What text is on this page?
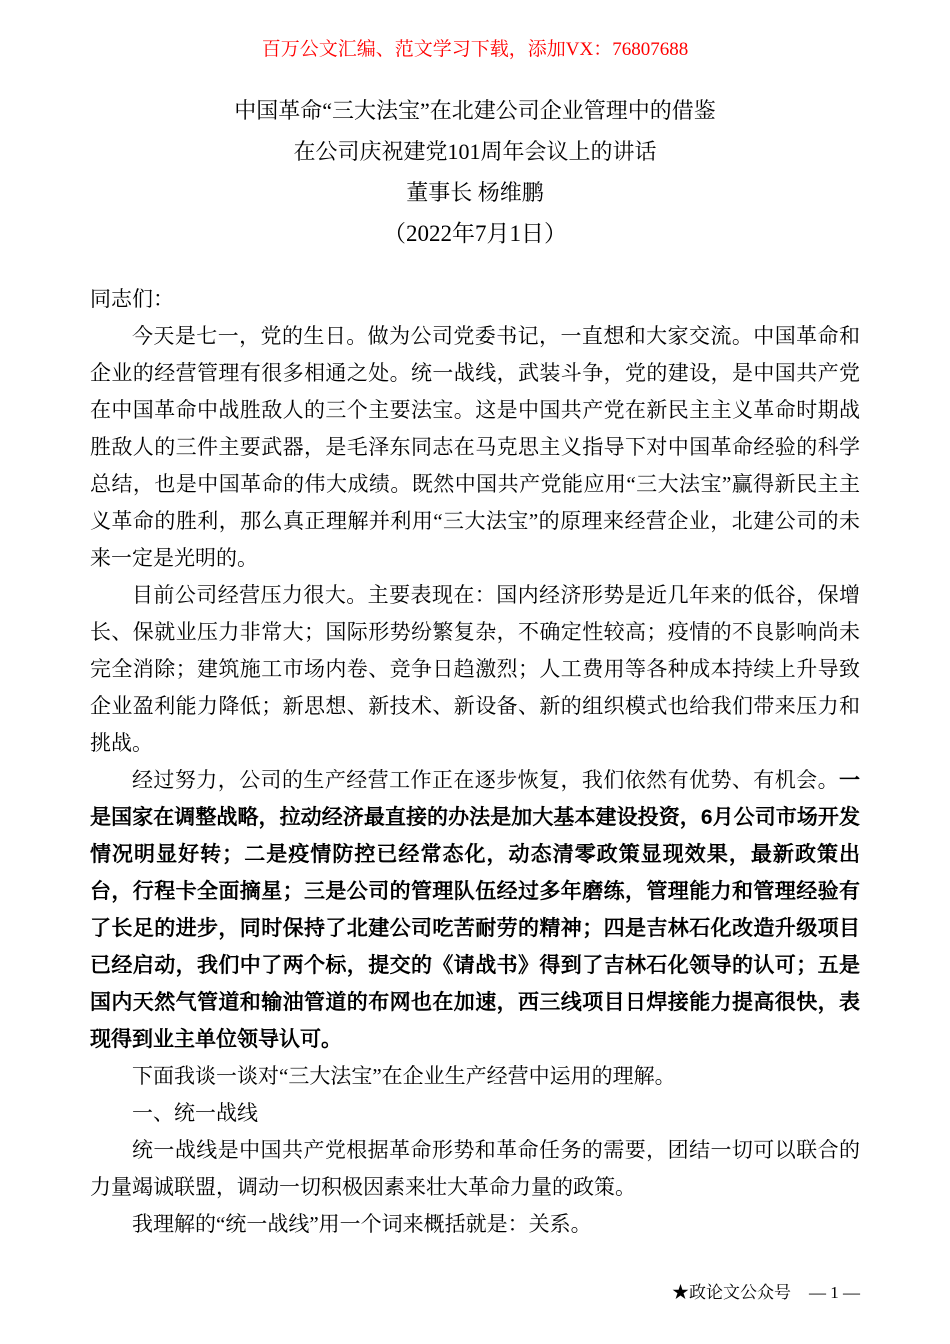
百万公文汇编、范文学习下载，添加VX：76807688

中国革命“三大法宝”在北建公司企业管理中的借鉴

在公司庆祝建党101周年会议上的讲话

董事长 杨维鹏

（2022年7月1日）

同志们：

今天是七一，党的生日。做为公司党委书记，一直想和大家交流。中国革命和企业的经营管理有很多相通之处。统一战线，武装斗争，党的建设，是中国共产党在中国革命中战胜敌人的三个主要法宝。这是中国共产党在新民主主义革命时期战胜敌人的三件主要武器，是毛泽东同志在马克思主义指导下对中国革命经验的科学总结，也是中国革命的伟大成绩。既然中国共产党能应用“三大法宝”赢得新民主主义革命的胜利，那么真正理解并利用“三大法宝”的原理来经营企业，北建公司的未来一定是光明的。

目前公司经营压力很大。主要表现在：国内经济形势是近几年来的低谷，保增长、保就业压力非常大；国际形势纷繁复杂，不确定性较高；疫情的不良影响尚未完全消除；建筑施工市场内卷、竞争日趋激烈；人工费用等各种成本持续上升导致企业盈利能力降低；新思想、新技术、新设备、新的组织模式也给我们带来压力和挑战。

经过努力，公司的生产经营工作正在逐步恢复，我们依然有优势、有机会。一是国家在调整战略，拉动经济最直接的办法是加大基本建设投资，6月公司市场开发情况明显好转；二是疫情防控已经常态化，动态清零政策显现效果，最新政策出台，行程卡全面摘星；三是公司的管理队伍经过多年磨练，管理能力和管理经验有了长足的进步，同时保持了北建公司吃苦耐劳的精神；四是吉林石化改造升级项目已经启动，我们中了两个标，提交的《请战书》得到了吉林石化领导的认可；五是国内天然气管道和输油管道的布网也在加速，西三线项目日焊接能力提高很快，表现得到业主单位领导认可。

下面我谈一谈对“三大法宝”在企业生产经营中运用的理解。

一、统一战线

统一战线是中国共产党根据革命形势和革命任务的需要，团结一切可以联合的力量竭诚联盟，调动一切积极因素来壮大革命力量的政策。

我理解的“统一战线”用一个词来概括就是：关系。

★政论文公众号 — 1 —
